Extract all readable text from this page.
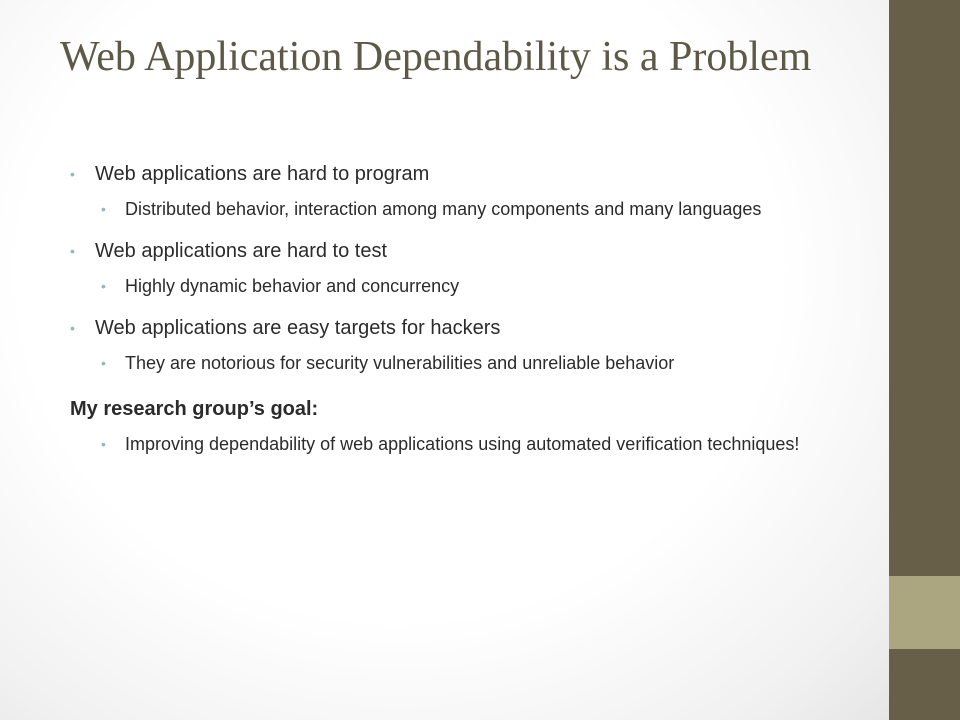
Web Application Dependability is a Problem
• Web applications are hard to program
• Distributed behavior, interaction among many components and many languages
• Web applications are hard to test
• Highly dynamic behavior and concurrency
• Web applications are easy targets for hackers
• They are notorious for security vulnerabilities and unreliable behavior
My research group’s goal:
• Improving dependability of web applications using automated verification techniques!
